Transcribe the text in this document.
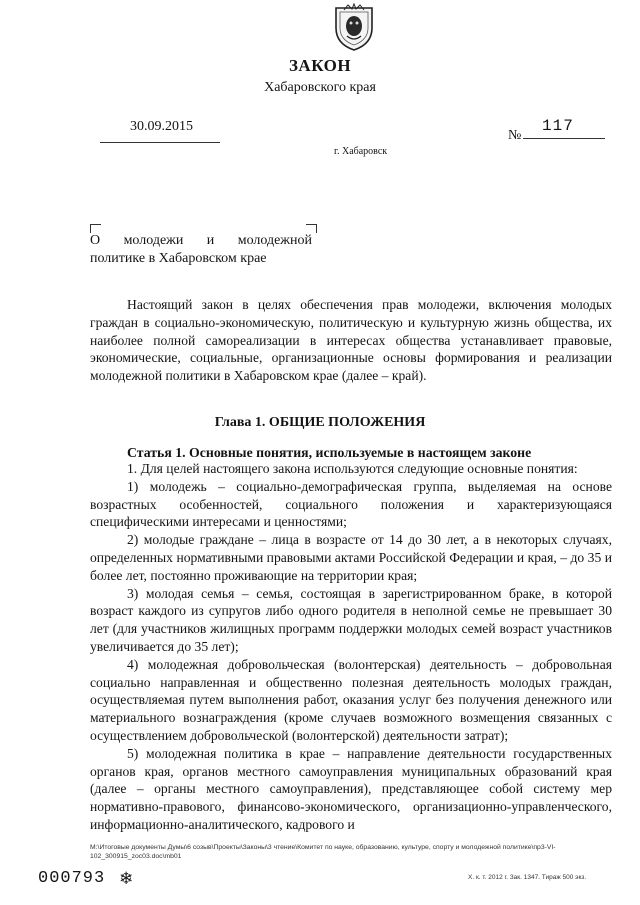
ЗАКОН
Хабаровского края
30.09.2015
№
117
г. Хабаровск
О молодежи и молодежной
политике в Хабаровском крае
Настоящий закон в целях обеспечения прав молодежи, включения молодых граждан в социально-экономическую, политическую и культурную жизнь общества, их наиболее полной самореализации в интересах общества устанавливает правовые, экономические, социальные, организационные основы формирования и реализации молодежной политики в Хабаровском крае (далее – край).
Глава 1. ОБЩИЕ ПОЛОЖЕНИЯ
Статья 1. Основные понятия, используемые в настоящем законе

1. Для целей настоящего закона используются следующие основные понятия:

1) молодежь – социально-демографическая группа, выделяемая на основе возрастных особенностей, социального положения и характеризующаяся специфическими интересами и ценностями;

2) молодые граждане – лица в возрасте от 14 до 30 лет, а в некоторых случаях, определенных нормативными правовыми актами Российской Федерации и края, – до 35 и более лет, постоянно проживающие на территории края;

3) молодая семья – семья, состоящая в зарегистрированном браке, в которой возраст каждого из супругов либо одного родителя в неполной семье не превышает 30 лет (для участников жилищных программ поддержки молодых семей возраст участников увеличивается до 35 лет);

4) молодежная добровольческая (волонтерская) деятельность – добровольная социально направленная и общественно полезная деятельность молодых граждан, осуществляемая путем выполнения работ, оказания услуг без получения денежного или материального вознаграждения (кроме случаев возможного возмещения связанных с осуществлением добровольческой (волонтерской) деятельности затрат);

5) молодежная политика в крае – направление деятельности государственных органов края, органов местного самоуправления муниципальных образований края (далее – органы местного самоуправления), представляющее собой систему мер нормативно-правового, финансово-экономического, организационно-управленческого, информационно-аналитического, кадрового и

M:\Итоговые документы Думы\6 созыв\Проекты\Законы\3 чтение\Комитет по науке, образованию, культуре, спорту и молодежной политике\пр3-VI-102_300915_zoc03.doc\mb01
000793 ❄	Х. к. т. 2012 г. Зак. 1347. Тираж 500 экз.
